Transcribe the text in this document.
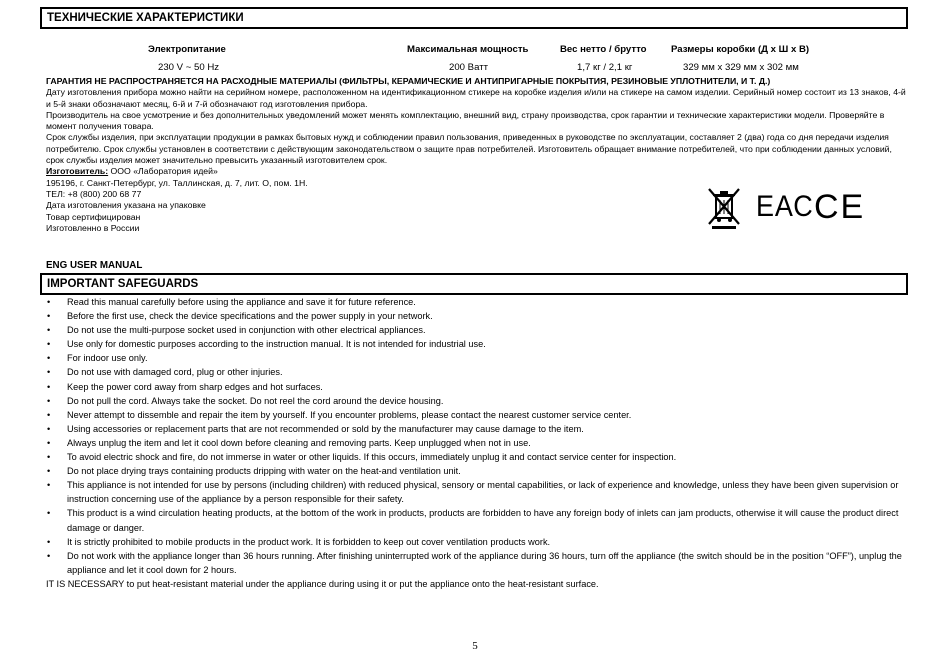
ТЕХНИЧЕСКИЕ ХАРАКТЕРИСТИКИ
Электропитание	Максимальная мощность	Вес нетто / брутто	Размеры коробки (Д х Ш х В)
230 V ~ 50 Hz	200 Ватт	1,7 кг / 2,1 кг	329 мм х 329 мм х 302 мм

ГАРАНТИЯ НЕ РАСПРОСТРАНЯЕТСЯ НА РАСХОДНЫЕ МАТЕРИАЛЫ (ФИЛЬТРЫ, КЕРАМИЧЕСКИЕ И АНТИПРИГАРНЫЕ ПОКРЫТИЯ, РЕЗИНОВЫЕ УПЛОТНИТЕЛИ, И Т. Д.)

Дату изготовления прибора можно найти на серийном номере, расположенном на идентификационном стикере на коробке изделия и/или на стикере на самом изделии. Серийный номер состоит из 13 знаков, 4-й и 5-й знаки обозначают месяц, 6-й и 7-й обозначают год изготовления прибора.

Производитель на свое усмотрение и без дополнительных уведомлений может менять комплектацию, внешний вид, страну производства, срок гарантии и технические характеристики модели. Проверяйте в момент получения товара.

Срок службы изделия, при эксплуатации продукции в рамках бытовых нужд и соблюдении правил пользования, приведенных в руководстве по эксплуатации, составляет 2 (два) года со дня передачи изделия потребителю. Срок службы установлен в соответствии с действующим законодательством о защите прав потребителей. Изготовитель обращает внимание потребителей, что при соблюдении данных условий, срок службы изделия может значительно превысить указанный изготовителем срок.

Изготовитель: ООО «Лаборатория идей»

195196, г. Санкт-Петербург, ул. Таллинская, д. 7, лит. О, пом. 1Н.

ТЕЛ: +8 (800) 200 68 77

Дата изготовления указана на упаковке

Товар сертифицирован

Изготовленно в России

ЕАС CE
ENG USER MANUAL
IMPORTANT SAFEGUARDS
• Read this manual carefully before using the appliance and save it for future reference.
• Before the first use, check the device specifications and the power supply in your network.
• Do not use the multi-purpose socket used in conjunction with other electrical appliances.
• Use only for domestic purposes according to the instruction manual. It is not intended for industrial use.
• For indoor use only.
• Do not use with damaged cord, plug or other injuries.
• Keep the power cord away from sharp edges and hot surfaces.
• Do not pull the cord. Always take the socket. Do not reel the cord around the device housing.
• Never attempt to dissemble and repair the item by yourself. If you encounter problems, please contact the nearest customer service center.
• Using accessories or replacement parts that are not recommended or sold by the manufacturer may cause damage to the item.
• Always unplug the item and let it cool down before cleaning and removing parts. Keep unplugged when not in use.
• To avoid electric shock and fire, do not immerse in water or other liquids. If this occurs, immediately unplug it and contact service center for inspection.
• Do not place drying trays containing products dripping with water on the heat-and ventilation unit.
• This appliance is not intended for use by persons (including children) with reduced physical, sensory or mental capabilities, or lack of experience and knowledge, unless they have been given supervision or instruction concerning use of the appliance by a person responsible for their safety.
• This product is a wind circulation heating products, at the bottom of the work in products, products are forbidden to have any foreign body of inlets can jam products, otherwise it will cause the product direct damage or danger.
• It is strictly prohibited to mobile products in the product work. It is forbidden to keep out cover ventilation products work.
• Do not work with the appliance longer than 36 hours running. After finishing uninterrupted work of the appliance during 36 hours, turn off the appliance (the switch should be in the position “OFF”), unplug the appliance and let it cool down for 2 hours.
IT IS NECESSARY to put heat-resistant material under the appliance during using it or put the appliance onto the heat-resistant surface.
5
